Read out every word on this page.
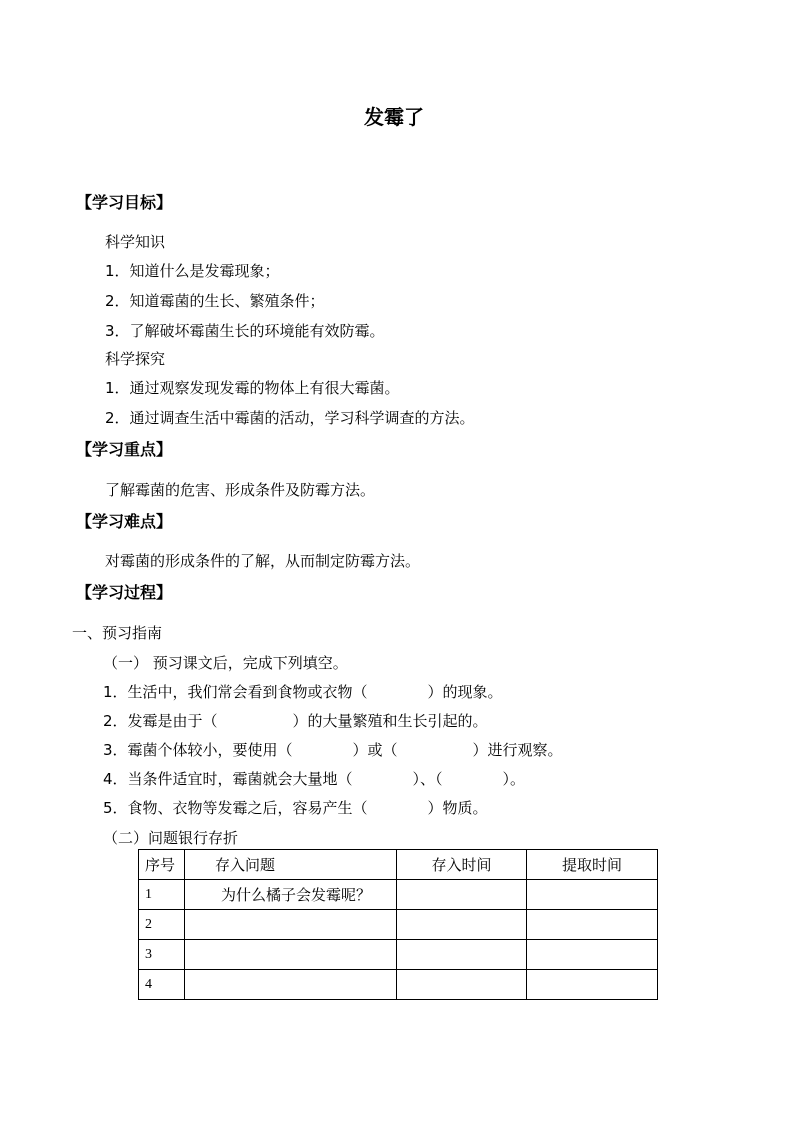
发霉了
【学习目标】
科学知识
1．知道什么是发霉现象；
2．知道霉菌的生长、繁殖条件；
3．了解破坏霉菌生长的环境能有效防霉。
科学探究
1．通过观察发现发霉的物体上有很大霉菌。
2．通过调查生活中霉菌的活动，学习科学调查的方法。
【学习重点】
了解霉菌的危害、形成条件及防霉方法。
【学习难点】
对霉菌的形成条件的了解，从而制定防霉方法。
【学习过程】
一、预习指南
（一） 预习课文后，完成下列填空。
1．生活中，我们常会看到食物或衣物（　　　　）的现象。
2．发霉是由于（　　　　　）的大量繁殖和生长引起的。
3．霉菌个体较小，要使用（　　　　）或（　　　　　）进行观察。
4．当条件适宜时，霉菌就会大量地（　　　　）、（　　　　）。
5．食物、衣物等发霉之后，容易产生（　　　　）物质。
（二）问题银行存折
序号	存入问题	存入时间	提取时间
1	为什么橘子会发霉呢？		
2			
3			
4			
